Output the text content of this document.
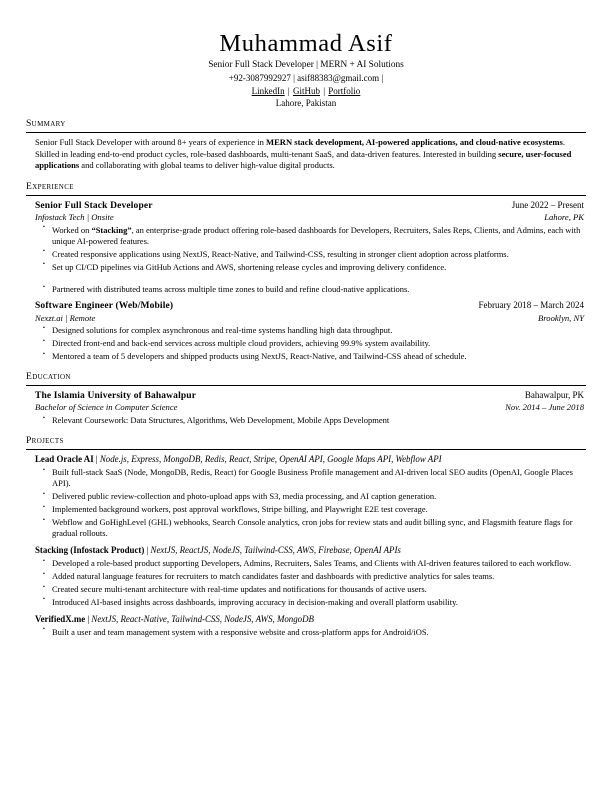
Muhammad Asif
Senior Full Stack Developer | MERN + AI Solutions
+92-3087992927 | asif88383@gmail.com |
LinkedIn | GitHub | Portfolio
Lahore, Pakistan
Summary
Senior Full Stack Developer with around 8+ years of experience in MERN stack development, AI-powered applications, and cloud-native ecosystems. Skilled in leading end-to-end product cycles, role-based dashboards, multi-tenant SaaS, and data-driven features. Interested in building secure, user-focused applications and collaborating with global teams to deliver high-value digital products.
Experience
Senior Full Stack Developer	June 2022 – Present
Infostack Tech | Onsite	Lahore, PK
▪ Worked on “Stacking”, an enterprise-grade product offering role-based dashboards for Developers, Recruiters, Sales Reps, Clients, and Admins, each with unique AI-powered features.
▪ Created responsive applications using NextJS, React-Native, and Tailwind-CSS, resulting in stronger client adoption across platforms.
▪ Set up CI/CD pipelines via GitHub Actions and AWS, shortening release cycles and improving delivery confidence.
▪ Partnered with distributed teams across multiple time zones to build and refine cloud-native applications.
Software Engineer (Web/Mobile)	February 2018 – March 2024
Nexzt.ai | Remote	Brooklyn, NY
▪ Designed solutions for complex asynchronous and real-time systems handling high data throughput.
▪ Directed front-end and back-end services across multiple cloud providers, achieving 99.9% system availability.
▪ Mentored a team of 5 developers and shipped products using NextJS, React-Native, and Tailwind-CSS ahead of schedule.
Education
The Islamia University of Bahawalpur	Bahawalpur, PK
Bachelor of Science in Computer Science	Nov. 2014 – June 2018
▪ Relevant Coursework: Data Structures, Algorithms, Web Development, Mobile Apps Development
Projects
Lead Oracle AI | Node.js, Express, MongoDB, Redis, React, Stripe, OpenAI API, Google Maps API, Webflow API
▪ Built full-stack SaaS (Node, MongoDB, Redis, React) for Google Business Profile management and AI-driven local SEO audits (OpenAI, Google Places API).
▪ Delivered public review-collection and photo-upload apps with S3, media processing, and AI caption generation.
▪ Implemented background workers, post approval workflows, Stripe billing, and Playwright E2E test coverage.
▪ Webflow and GoHighLevel (GHL) webhooks, Search Console analytics, cron jobs for review stats and audit billing sync, and Flagsmith feature flags for gradual rollouts.
Stacking (Infostack Product) | NextJS, ReactJS, NodeJS, Tailwind-CSS, AWS, Firebase, OpenAI APIs
▪ Developed a role-based product supporting Developers, Admins, Recruiters, Sales Teams, and Clients with AI-driven features tailored to each workflow.
▪ Added natural language features for recruiters to match candidates faster and dashboards with predictive analytics for sales teams.
▪ Created secure multi-tenant architecture with real-time updates and notifications for thousands of active users.
▪ Introduced AI-based insights across dashboards, improving accuracy in decision-making and overall platform usability.
VerifiedX.me | NextJS, React-Native, Tailwind-CSS, NodeJS, AWS, MongoDB
▪ Built a user and team management system with a responsive website and cross-platform apps for Android/iOS.
